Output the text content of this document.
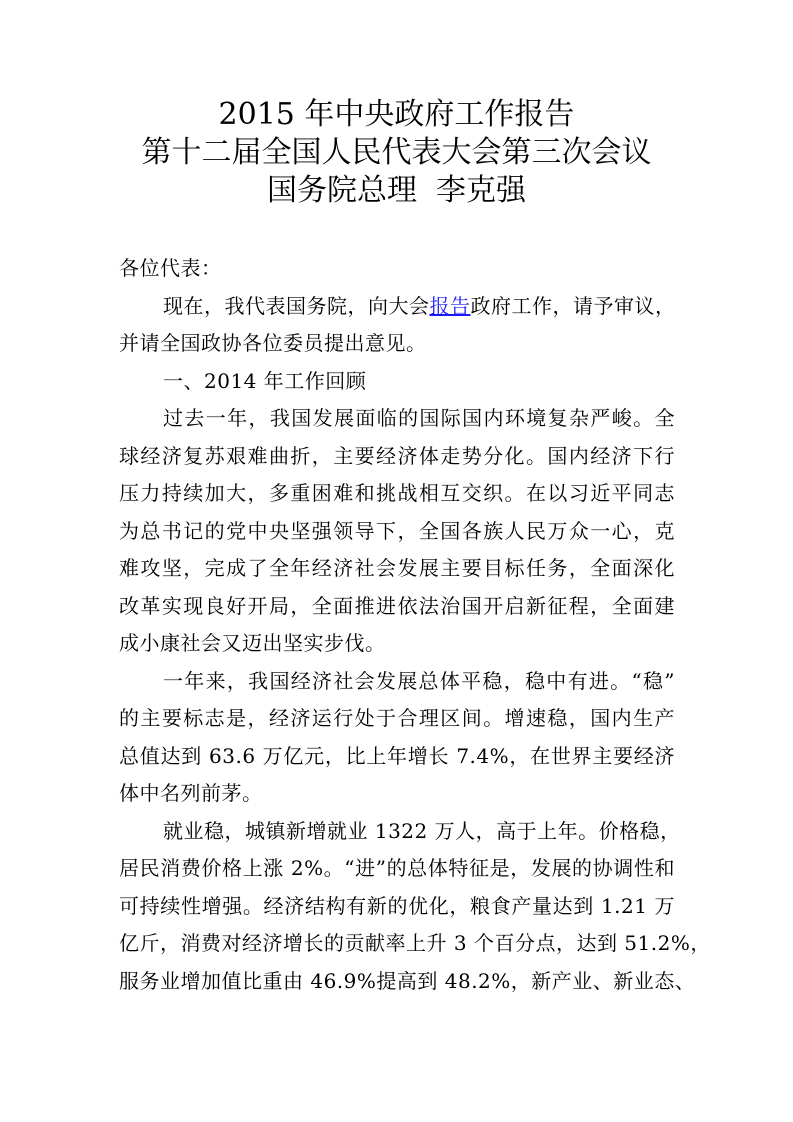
2015 年中央政府工作报告
第十二届全国人民代表大会第三次会议
国务院总理  李克强
各位代表：
现在，我代表国务院，向大会报告政府工作，请予审议，
并请全国政协各位委员提出意见。
一、2014 年工作回顾
过去一年，我国发展面临的国际国内环境复杂严峻。全
球经济复苏艰难曲折，主要经济体走势分化。国内经济下行
压力持续加大，多重困难和挑战相互交织。在以习近平同志
为总书记的党中央坚强领导下，全国各族人民万众一心，克
难攻坚，完成了全年经济社会发展主要目标任务，全面深化
改革实现良好开局，全面推进依法治国开启新征程，全面建
成小康社会又迈出坚实步伐。
一年来，我国经济社会发展总体平稳，稳中有进。“稳”
的主要标志是，经济运行处于合理区间。增速稳，国内生产
总值达到 63.6 万亿元，比上年增长 7.4%，在世界主要经济
体中名列前茅。
就业稳，城镇新增就业 1322 万人，高于上年。价格稳，
居民消费价格上涨 2%。“进”的总体特征是，发展的协调性和
可持续性增强。经济结构有新的优化，粮食产量达到 1.21 万
亿斤，消费对经济增长的贡献率上升 3 个百分点，达到 51.2%，
服务业增加值比重由 46.9%提高到 48.2%，新产业、新业态、
